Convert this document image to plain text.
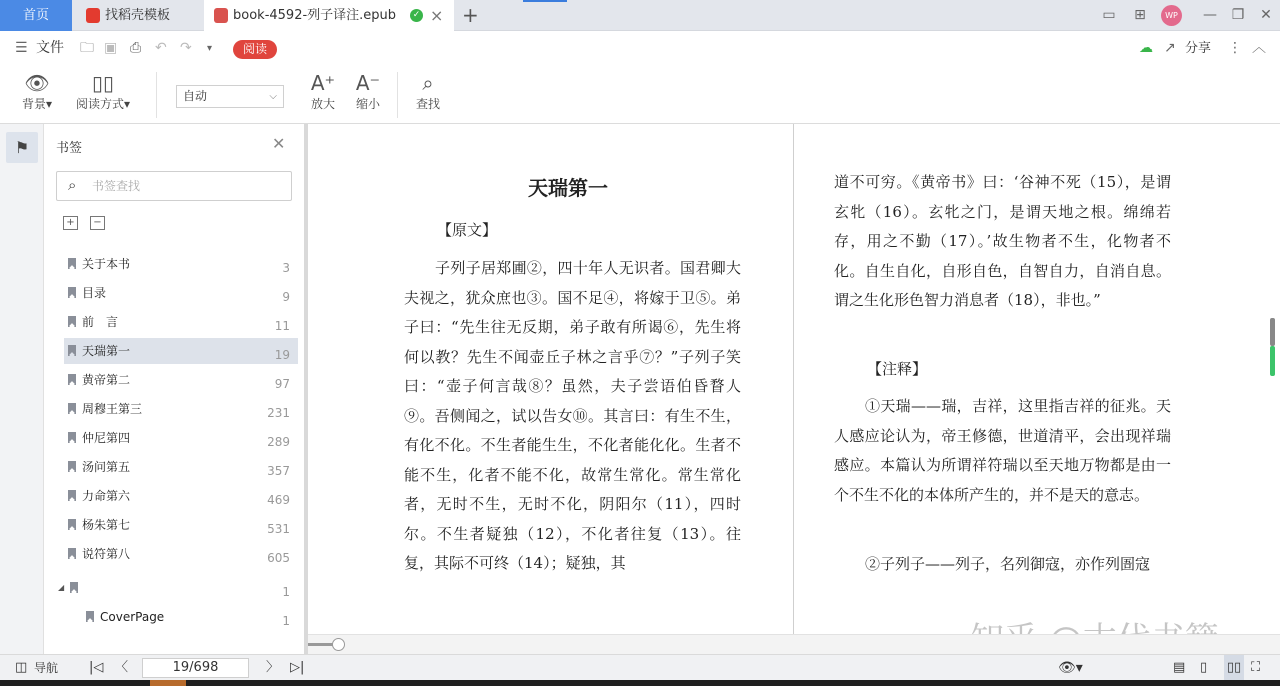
首页	找稻壳模板	book-4592-列子译注.epub	✓ × +	▭	⊞	WP	—	❐	✕
☰ 文件 🗀 ▣ ⎙ ↶ ↷ ▾	☁ ↗ 分享 ⋮ ︿
阅读
👁
背景▾
▯▯
阅读方式▾
自动	⌵
A⁺
放大
A⁻
缩小
⌕
查找
⚑	书签	✕
⌕
书签查找
+	−
关于本书	3
目录	9
前　言	11
天瑞第一	19
黄帝第二	97
周穆王第三	231
仲尼第四	289
汤问第五	357
力命第六	469
杨朱第七	531
说符第八	605
◢	1
CoverPage	1
天瑞第一
【原文】
子列子居郑圃②，四十年人无识者。国君卿大夫视之，犹众庶也③。国不足④，将嫁于卫⑤。弟子曰：“先生往无反期，弟子敢有所谒⑥，先生将何以教？先生不闻壶丘子林之言乎⑦？”子列子笑曰：“壶子何言哉⑧？虽然，夫子尝语伯昏瞀人⑨。吾侧闻之，试以告女⑩。其言曰：有生不生，有化不化。不生者能生生，不化者能化化。生者不能不生，化者不能不化，故常生常化。常生常化者，无时不生，无时不化，阴阳尔（11），四时尔。不生者疑独（12），不化者往复（13）。往复，其际不可终（14）；疑独，其
道不可穷。《黄帝书》曰：‘谷神不死（15），是谓玄牝（16）。玄牝之门，是谓天地之根。绵绵若存，用之不勤（17）。’故生物者不生，化物者不化。自生自化，自形自色，自智自力，自消自息。谓之生化形色智力消息者（18），非也。”
【注释】
①天瑞——瑞，吉祥，这里指吉祥的征兆。天人感应论认为，帝王修德，世道清平，会出现祥瑞感应。本篇认为所谓祥符瑞以至天地万物都是由一个不生不化的本体所产生的，并不是天的意志。
②子列子——列子，名列御寇，亦作列圄寇
◫ 导航 |◁ 〈	19/698	〉 ▷|	👁▾	▤ ▯ ▯▯ ⛶
